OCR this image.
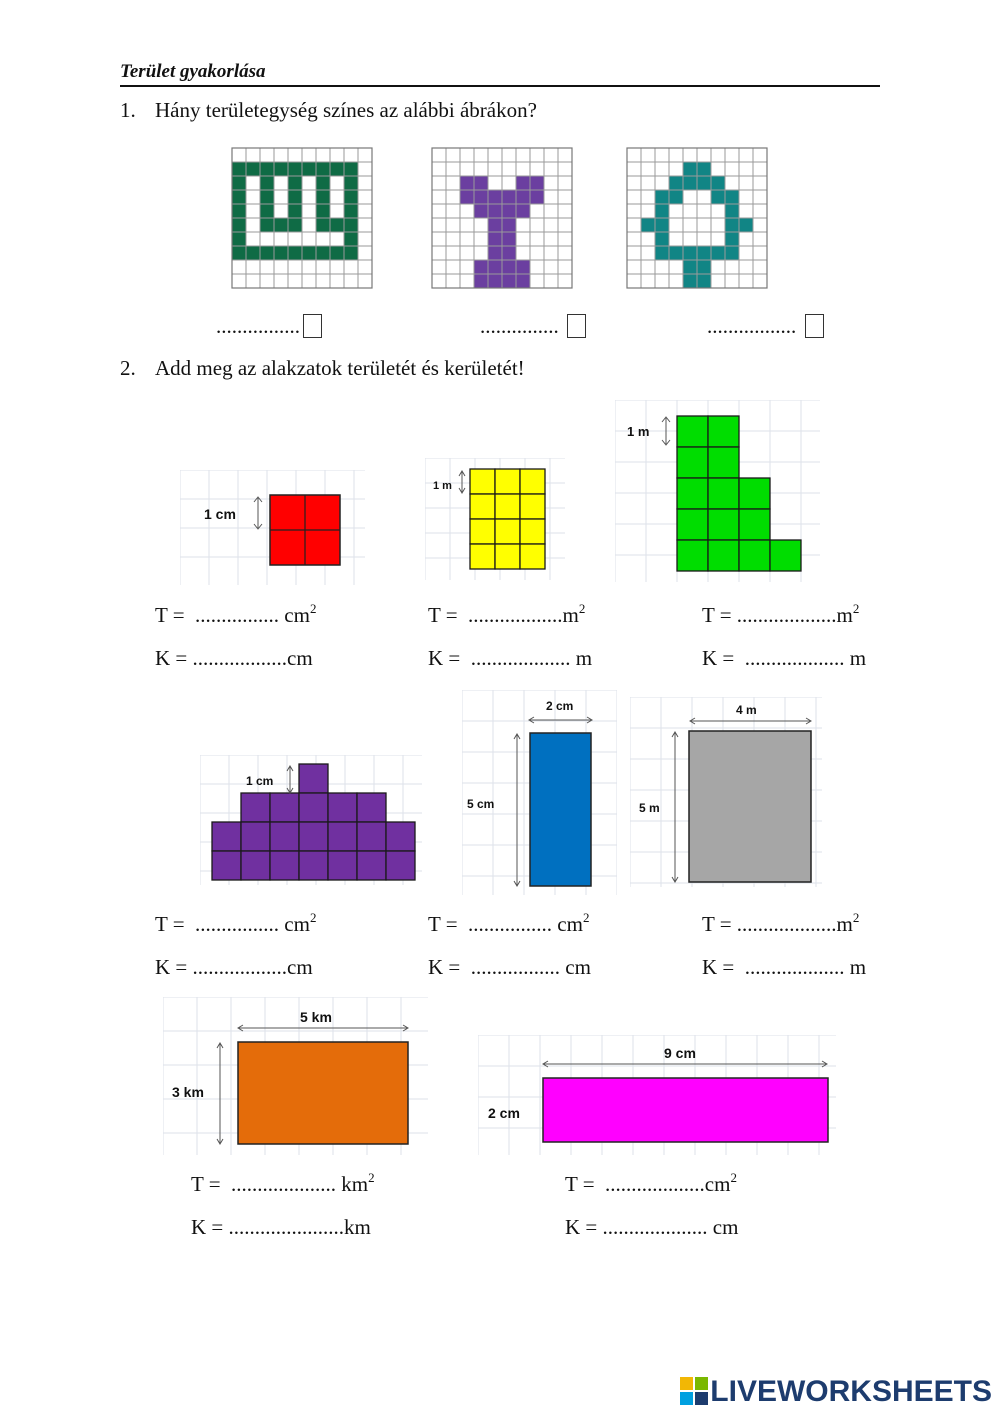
Terület gyakorlása
1. Hány területegység színes az alábbi ábrákon?
................	...............	.................
2. Add meg az alakzatok területét és kerületét!
1 cm
1 m
1 m
T = ................ $cm^2$
K = ..................cm
$T = ..................m^2$
K = ................... m
$T = ...................m^2$
K = ................... m
1 cm
2 cm
5 cm
4 m
5 m
T = ................ $cm^2$
K = ..................cm
T = ................ $cm^2$
K = ................. cm
$T = ...................m^2$
K = ................... m
5 km
3 km
9 cm
2 cm
T = .................... $km^2$
K = ......................km
$T = ...................cm^2$
K = .................... cm
LIVEWORKSHEETS
